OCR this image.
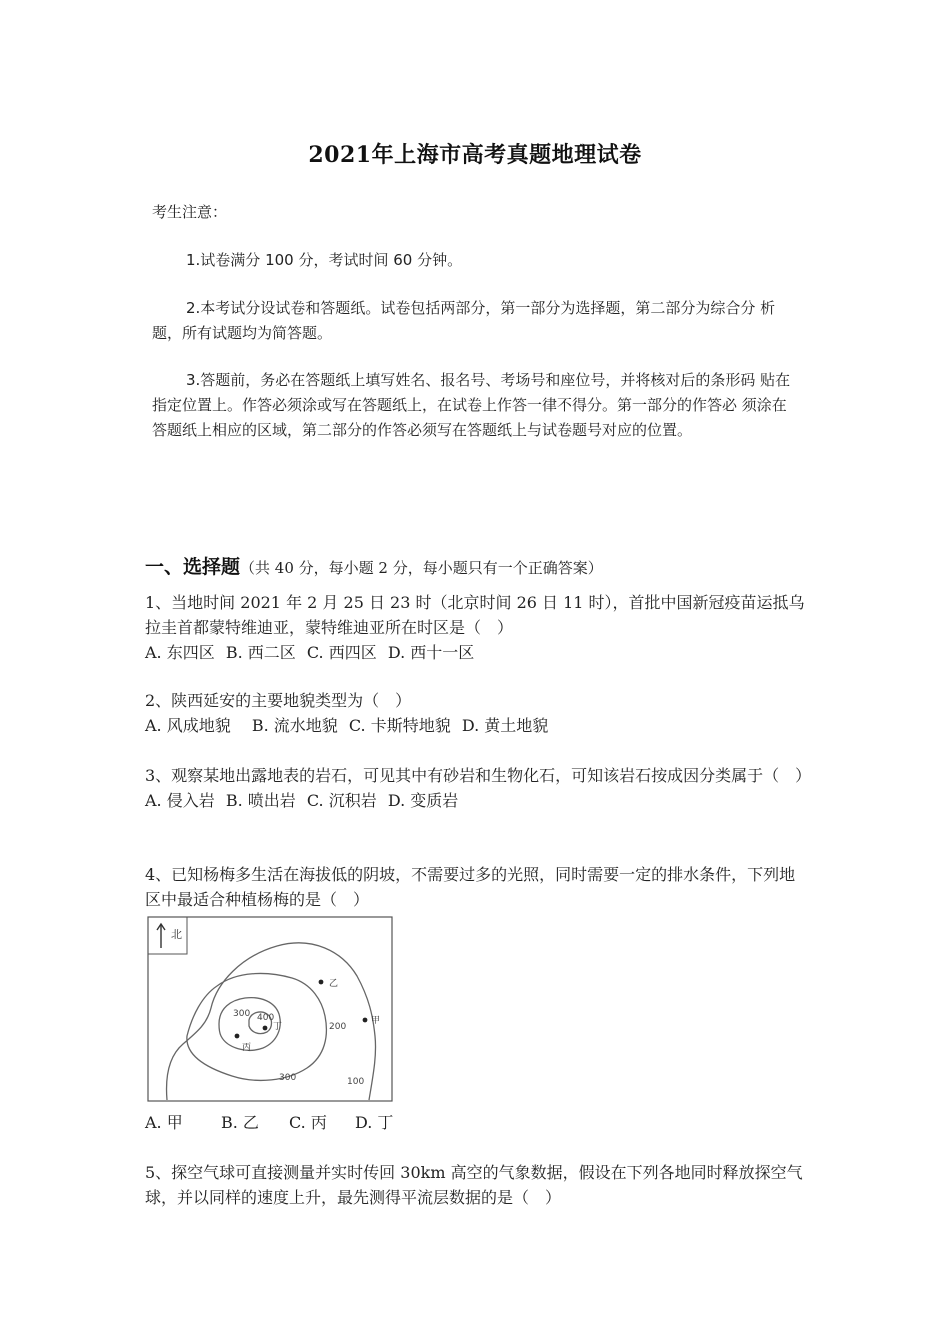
2021年上海市高考真题地理试卷

考生注意：

1.试卷满分 100 分，考试时间 60 分钟。

2.本考试分设试卷和答题纸。试卷包括两部分，第一部分为选择题，第二部分为综合分 析题，所有试题均为简答题。

3.答题前，务必在答题纸上填写姓名、报名号、考场号和座位号，并将核对后的条形码 贴在指定位置上。作答必须涂或写在答题纸上，在试卷上作答一律不得分。第一部分的作答必 须涂在答题纸上相应的区域，第二部分的作答必须写在答题纸上与试卷题号对应的位置。

一、选择题（共 40 分，每小题 2 分，每小题只有一个正确答案）

1、当地时间 2021 年 2 月 25 日 23 时（北京时间 26 日 11 时），首批中国新冠疫苗运抵乌拉圭首都蒙特维迪亚，蒙特维迪亚所在时区是（　）

A. 东四区 B. 西二区 C. 西四区 D. 西十一区

2、陕西延安的主要地貌类型为（　）

A. 风成地貌 B. 流水地貌 C. 卡斯特地貌 D. 黄土地貌

3、观察某地出露地表的岩石，可见其中有砂岩和生物化石，可知该岩石按成因分类属于（　）

A. 侵入岩 B. 喷出岩 C. 沉积岩 D. 变质岩

4、已知杨梅多生活在海拔低的阴坡，不需要过多的光照，同时需要一定的排水条件，下列地区中最适合种植杨梅的是（　）

北
300 400
200
300	100
乙
甲
丙
丁
A. 甲 B. 乙 C. 丙 D. 丁

5、探空气球可直接测量并实时传回 30km 高空的气象数据，假设在下列各地同时释放探空气球，并以同样的速度上升，最先测得平流层数据的是（　）
